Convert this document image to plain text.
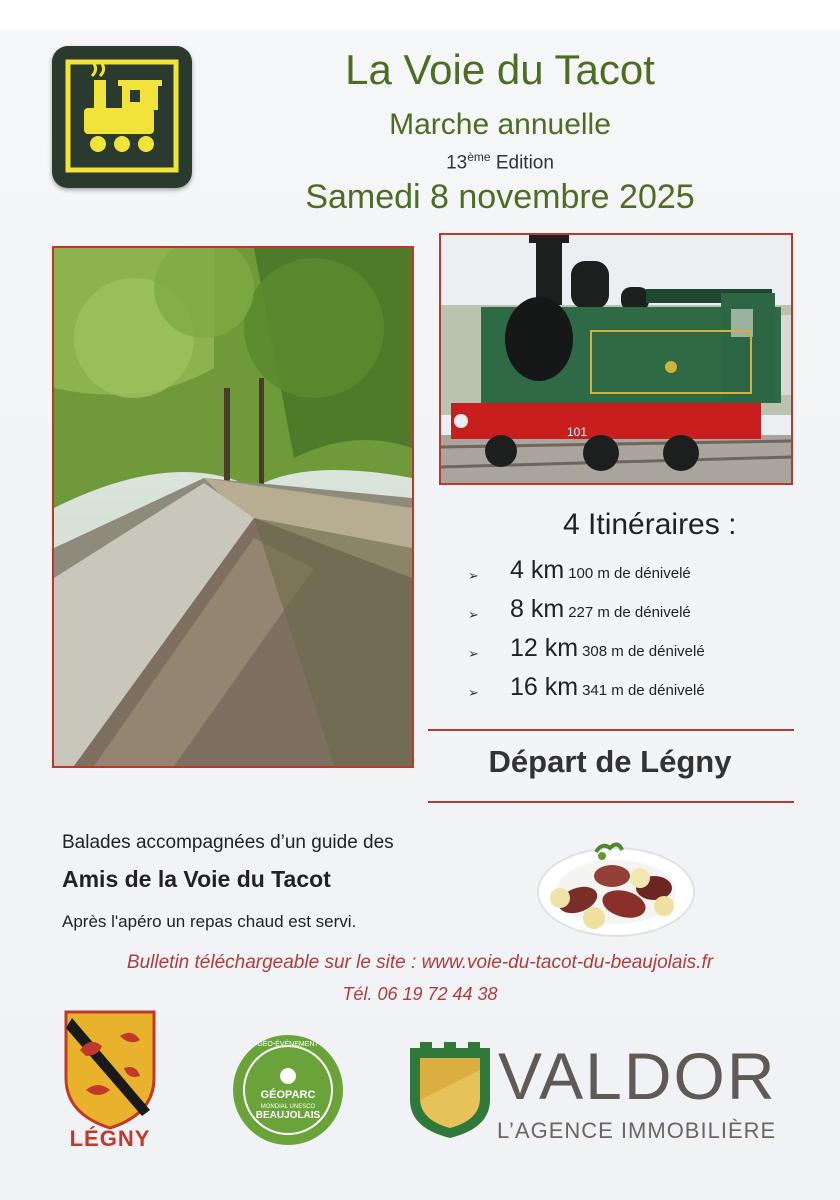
La Voie du Tacot
Marche annuelle
13ème Edition
Samedi 8 novembre 2025
101
4 Itinéraires :
➢ 4 km 100 m de dénivelé
➢ 8 km 227 m de dénivelé
➢ 12 km 308 m de dénivelé
➢ 16 km 341 m de dénivelé
Départ de Légny
Balades accompagnées d’un guide des
Amis de la Voie du Tacot
Après l'apéro un repas chaud est servi.
Bulletin téléchargeable sur le site : www.voie-du-tacot-du-beaujolais.fr
Tél. 06 19 72 44 38
LÉGNY
GÉO-ÉVÉNEMENT
GÉOPARC
MONDIAL UNESCO
BEAUJOLAIS
VALDOR
L’AGENCE IMMOBILIÈRE
